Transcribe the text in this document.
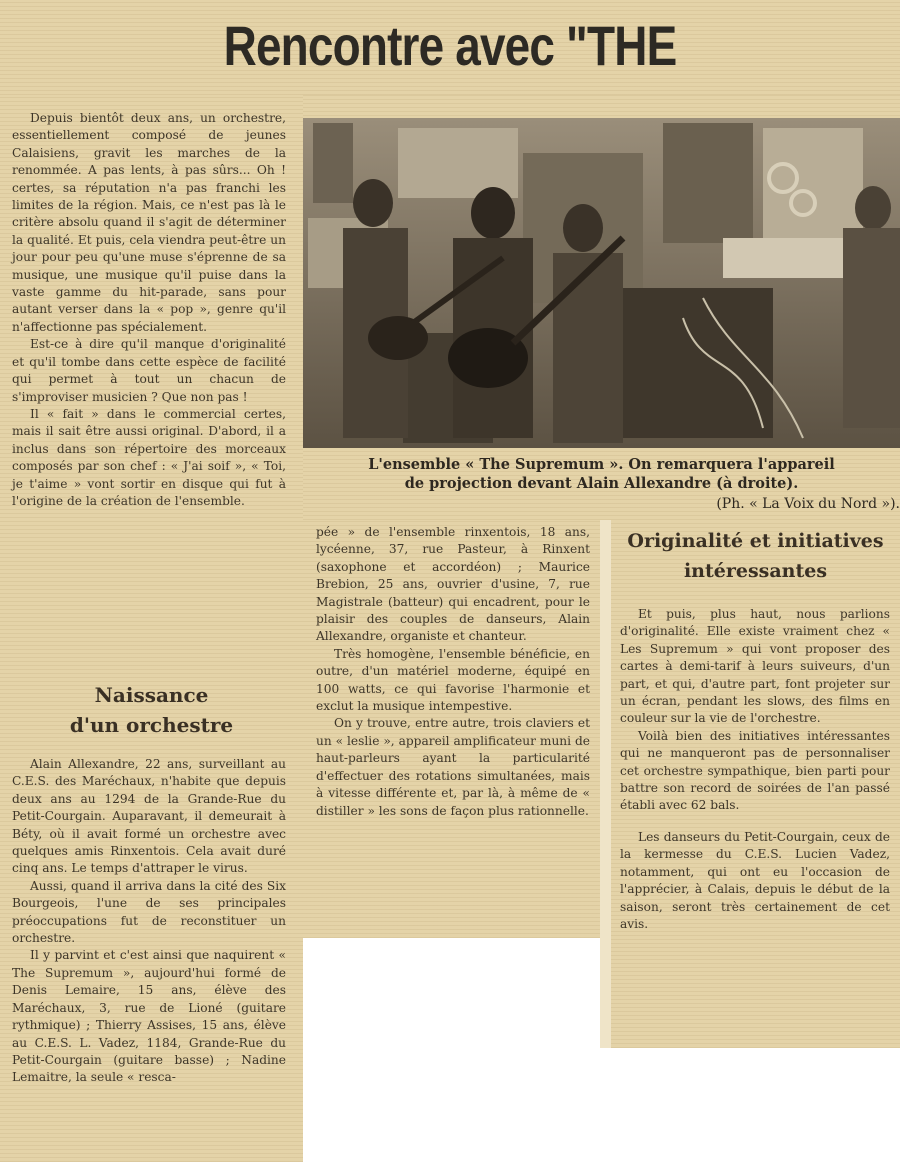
Rencontre avec "THE

Depuis bientôt deux ans, un orchestre, essentiellement composé de jeunes Calaisiens, gravit les marches de la renommée. A pas lents, à pas sûrs... Oh ! certes, sa réputation n'a pas franchi les limites de la région. Mais, ce n'est pas là le critère absolu quand il s'agit de déterminer la qualité. Et puis, cela viendra peut-être un jour pour peu qu'une muse s'éprenne de sa musique, une musique qu'il puise dans la vaste gamme du hit-parade, sans pour autant verser dans la « pop », genre qu'il n'affectionne pas spécialement.

Est-ce à dire qu'il manque d'originalité et qu'il tombe dans cette espèce de facilité qui permet à tout un chacun de s'improviser musicien ? Que non pas !

Il « fait » dans le commercial certes, mais il sait être aussi original. D'abord, il a inclus dans son répertoire des morceaux composés par son chef : « J'ai soif », « Toi, je t'aime » vont sortir en disque qui fut à l'origine de la création de l'ensemble.

Naissance
d'un orchestre

Alain Allexandre, 22 ans, surveillant au C.E.S. des Maréchaux, n'habite que depuis deux ans au 1294 de la Grande-Rue du Petit-Courgain. Auparavant, il demeurait à Béty, où il avait formé un orchestre avec quelques amis Rinxentois. Cela avait duré cinq ans. Le temps d'attraper le virus.

Aussi, quand il arriva dans la cité des Six Bourgeois, l'une de ses principales préoccupations fut de reconstituer un orchestre.

Il y parvint et c'est ainsi que naquirent « The Supremum », aujourd'hui formé de Denis Lemaire, 15 ans, élève des Maréchaux, 3, rue de Lioné (guitare rythmique) ; Thierry Assises, 15 ans, élève au C.E.S. L. Vadez, 1184, Grande-Rue du Petit-Courgain (guitare basse) ; Nadine Lemaitre, la seule « resca-

L'ensemble « The Supremum ». On remarquera l'appareil
de projection devant Alain Allexandre (à droite).
(Ph. « La Voix du Nord »).

pée » de l'ensemble rinxentois, 18 ans, lycéenne, 37, rue Pasteur, à Rinxent (saxophone et accordéon) ; Maurice Brebion, 25 ans, ouvrier d'usine, 7, rue Magistrale (batteur) qui encadrent, pour le plaisir des couples de danseurs, Alain Allexandre, organiste et chanteur.

Très homogène, l'ensemble bénéficie, en outre, d'un matériel moderne, équipé en 100 watts, ce qui favorise l'harmonie et exclut la musique intempestive.

On y trouve, entre autre, trois claviers et un « leslie », appareil amplificateur muni de haut-parleurs ayant la particularité d'effectuer des rotations simultanées, mais à vitesse différente et, par là, à même de « distiller » les sons de façon plus rationnelle.

Originalité et initiatives
intéressantes

Et puis, plus haut, nous parlions d'originalité. Elle existe vraiment chez « Les Supremum » qui vont proposer des cartes à demi-tarif à leurs suiveurs, d'un part, et qui, d'autre part, font projeter sur un écran, pendant les slows, des films en couleur sur la vie de l'orchestre.

Voilà bien des initiatives intéressantes qui ne manqueront pas de personnaliser cet orchestre sympathique, bien parti pour battre son record de soirées de l'an passé établi avec 62 bals.

Les danseurs du Petit-Courgain, ceux de la kermesse du C.E.S. Lucien Vadez, notamment, qui ont eu l'occasion de l'apprécier, à Calais, depuis le début de la saison, seront très certainement de cet avis.
